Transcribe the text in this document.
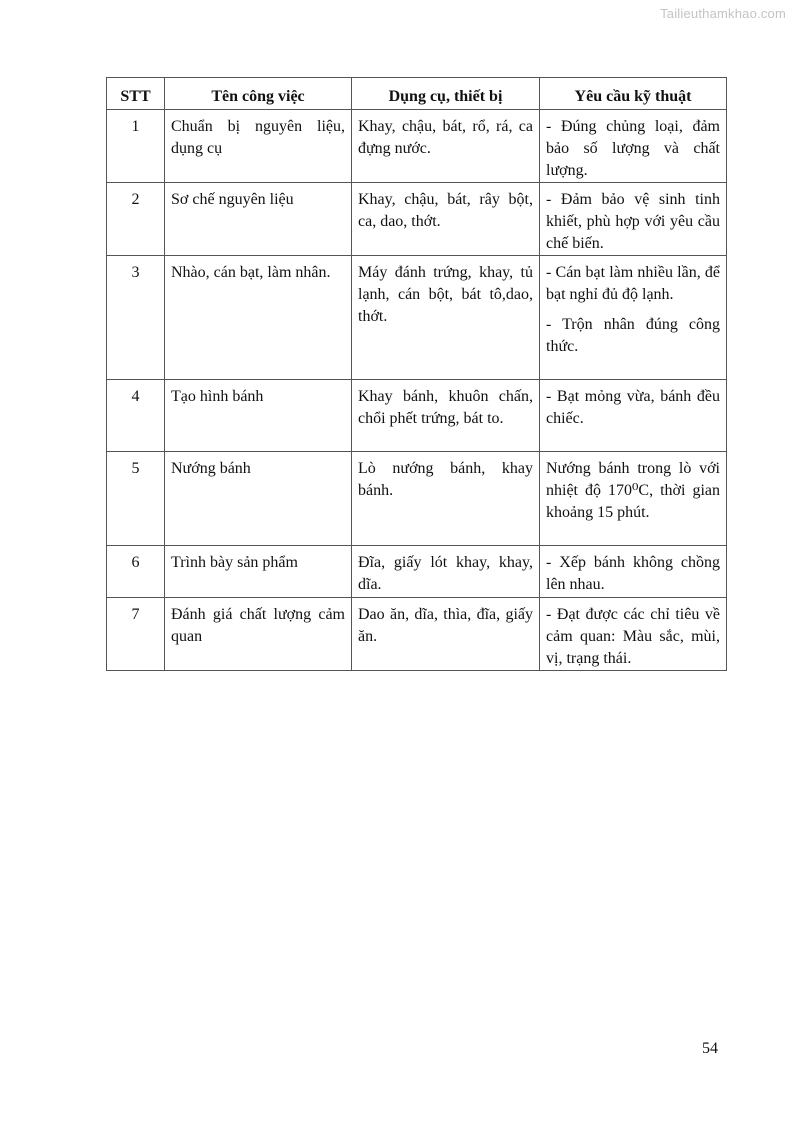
Tailieuthamkhao.com
STT	Tên công việc	Dụng cụ, thiết bị	Yêu cầu kỹ thuật
1	Chuẩn bị nguyên liệu, dụng cụ	Khay, chậu, bát, rổ, rá, ca đựng nước.	- Đúng chủng loại, đảm bảo số lượng và chất lượng.

2	Sơ chế nguyên liệu	Khay, chậu, bát, rây bột, ca, dao, thớt.	- Đảm bảo vệ sinh tinh khiết, phù hợp với yêu cầu chế biến.

3	Nhào, cán bạt, làm nhân.	Máy đánh trứng, khay, tủ lạnh, cán bột, bát tô,dao, thớt.	- Cán bạt làm nhiều lần, để bạt nghỉ đủ độ lạnh.

- Trộn nhân đúng công thức.

4	Tạo hình bánh	Khay bánh, khuôn chấn, chổi phết trứng, bát to.	- Bạt mỏng vừa, bánh đều chiếc.

5	Nướng bánh	Lò nướng bánh, khay bánh.	Nướng bánh trong lò với nhiệt độ 170⁰C, thời gian khoảng 15 phút.

6	Trình bày sản phẩm	Đĩa, giấy lót khay, khay, dĩa.	- Xếp bánh không chồng lên nhau.

7	Đánh giá chất lượng cảm quan	Dao ăn, dĩa, thìa, đĩa, giấy ăn.	- Đạt được các chỉ tiêu về cảm quan: Màu sắc, mùi, vị, trạng thái.

54
